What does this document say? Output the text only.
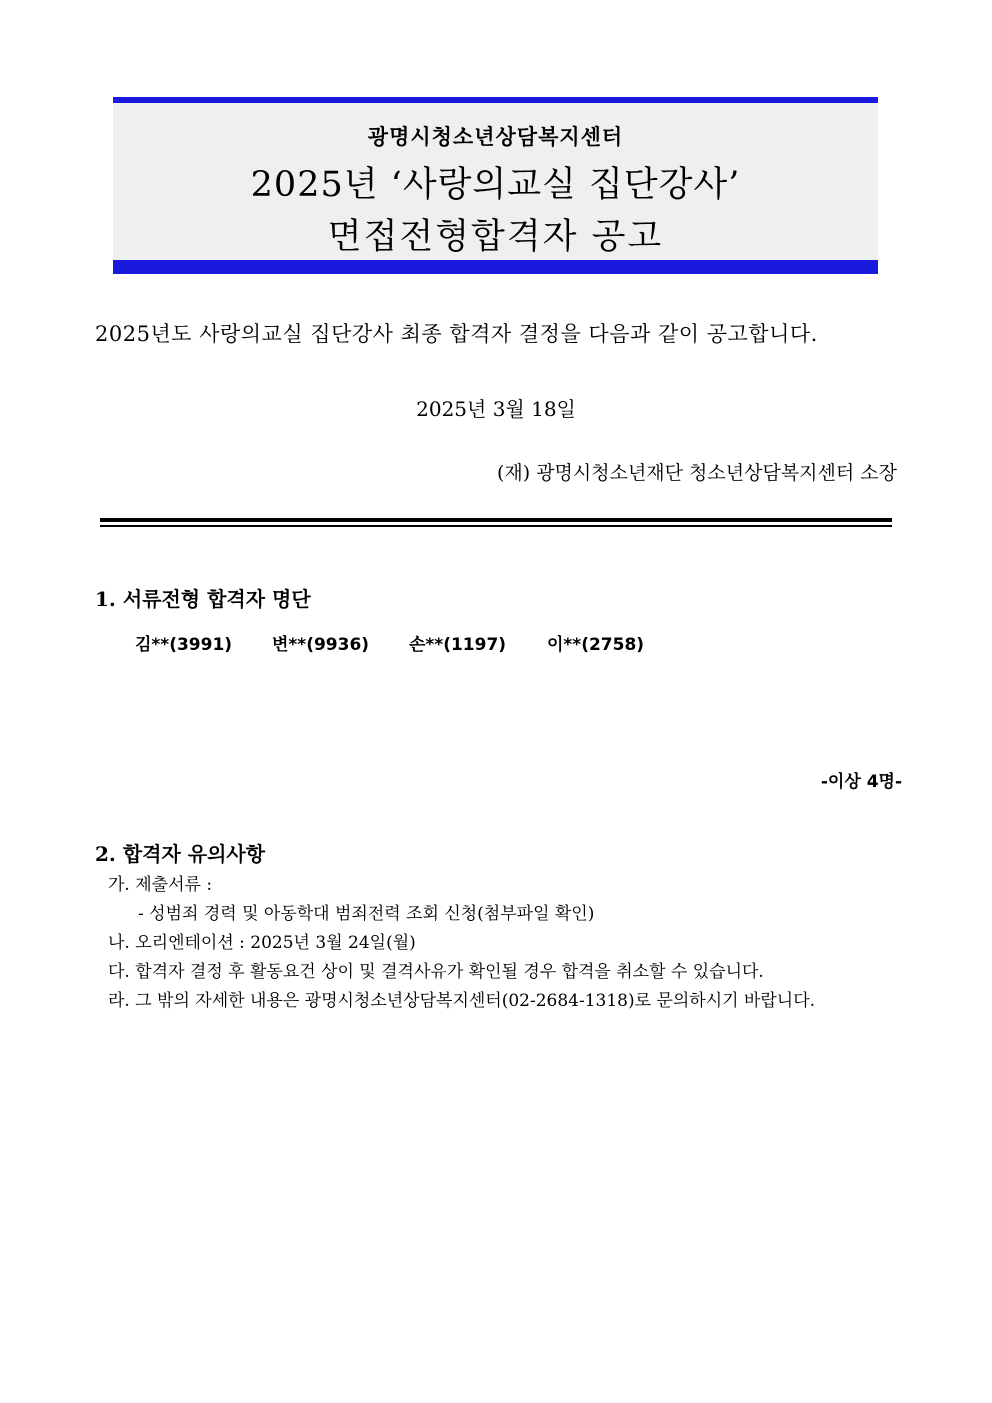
광명시청소년상담복지센터
2025년 ‘사랑의교실 집단강사’
면접전형합격자 공고
2025년도 사랑의교실 집단강사 최종 합격자 결정을 다음과 같이 공고합니다.
2025년 3월 18일
(재) 광명시청소년재단 청소년상담복지센터 소장
1. 서류전형 합격자 명단
김**(3991) 변**(9936) 손**(1197) 이**(2758)
-이상 4명-
2. 합격자 유의사항
가. 제출서류 :
- 성범죄 경력 및 아동학대 범죄전력 조회 신청(첨부파일 확인)
나. 오리엔테이션 : 2025년 3월 24일(월)
다. 합격자 결정 후 활동요건 상이 및 결격사유가 확인될 경우 합격을 취소할 수 있습니다.
라. 그 밖의 자세한 내용은 광명시청소년상담복지센터(02-2684-1318)로 문의하시기 바랍니다.
